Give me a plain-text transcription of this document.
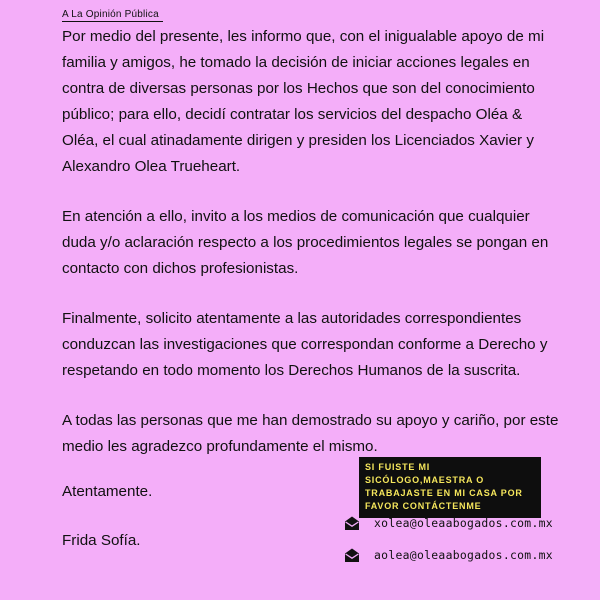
A La Opinión Pública

Por medio del presente, les informo que, con el inigualable apoyo de mi familia y amigos, he tomado la decisión de iniciar acciones legales en contra de diversas personas por los Hechos que son del conocimiento público; para ello, decidí contratar los servicios del despacho Oléa & Oléa, el cual atinadamente dirigen y presiden los Licenciados Xavier y Alexandro Olea Trueheart.

En atención a ello, invito a los medios de comunicación que cualquier duda y/o aclaración respecto a los procedimientos legales se pongan en contacto con dichos profesionistas.

Finalmente, solicito atentamente a las autoridades correspondientes conduzcan las investigaciones que correspondan conforme a Derecho y respetando en todo momento los Derechos Humanos de la suscrita.

A todas las personas que me han demostrado su apoyo y cariño, por este medio les agradezco profundamente el mismo.

Atentamente.
Frida Sofía.
SI FUISTE MI SICÓLOGO,MAESTRA O TRABAJASTE EN MI CASA POR FAVOR CONTÁCTENME
xolea@oleaabogados.com.mx
aolea@oleaabogados.com.mx
